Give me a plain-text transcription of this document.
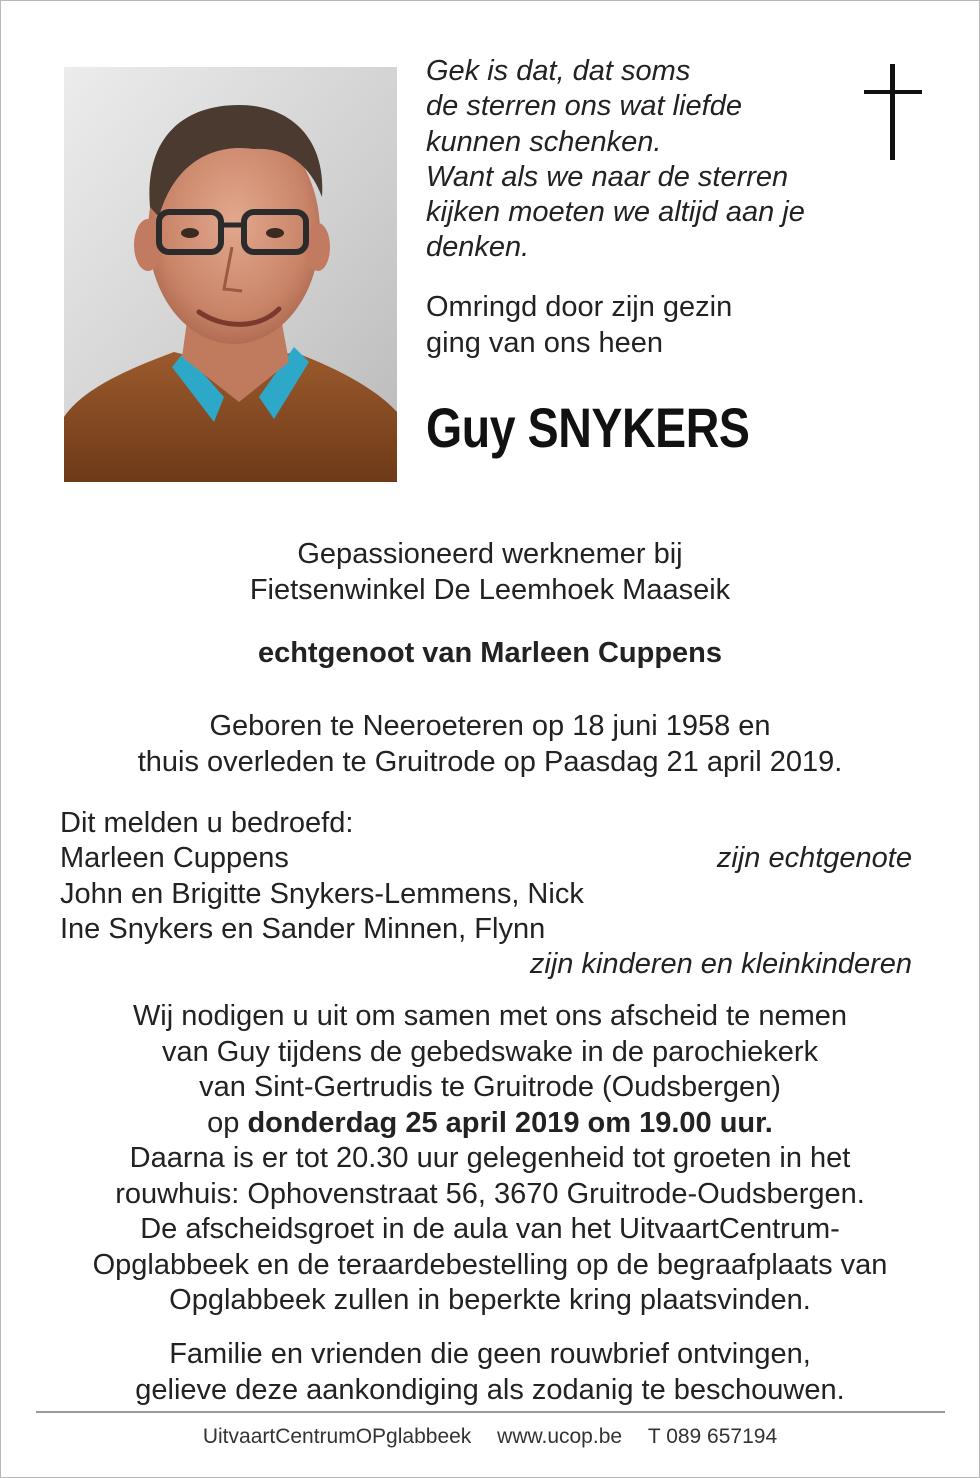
Gek is dat, dat soms
de sterren ons wat liefde
kunnen schenken.
Want als we naar de sterren
kijken moeten we altijd aan je
denken.
Omringd door zijn gezin
ging van ons heen
Guy SNYKERS
Gepassioneerd werknemer bij
Fietsenwinkel De Leemhoek Maaseik
echtgenoot van Marleen Cuppens
Geboren te Neeroeteren op 18 juni 1958 en
thuis overleden te Gruitrode op Paasdag 21 april 2019.
Dit melden u bedroefd:
Marleen Cuppens	zijn echtgenote
John en Brigitte Snykers-Lemmens, Nick
Ine Snykers en Sander Minnen, Flynn
zijn kinderen en kleinkinderen
Wij nodigen u uit om samen met ons afscheid te nemen
van Guy tijdens de gebedswake in de parochiekerk
van Sint-Gertrudis te Gruitrode (Oudsbergen)
op donderdag 25 april 2019 om 19.00 uur.
Daarna is er tot 20.30 uur gelegenheid tot groeten in het
rouwhuis: Ophovenstraat 56, 3670 Gruitrode-Oudsbergen.
De afscheidsgroet in de aula van het UitvaartCentrum-
Opglabbeek en de teraardebestelling op de begraafplaats van
Opglabbeek zullen in beperkte kring plaatsvinden.
Familie en vrienden die geen rouwbrief ontvingen,
gelieve deze aankondiging als zodanig te beschouwen.
UitvaartCentrumOPglabbeek www.ucop.be T 089 657194
